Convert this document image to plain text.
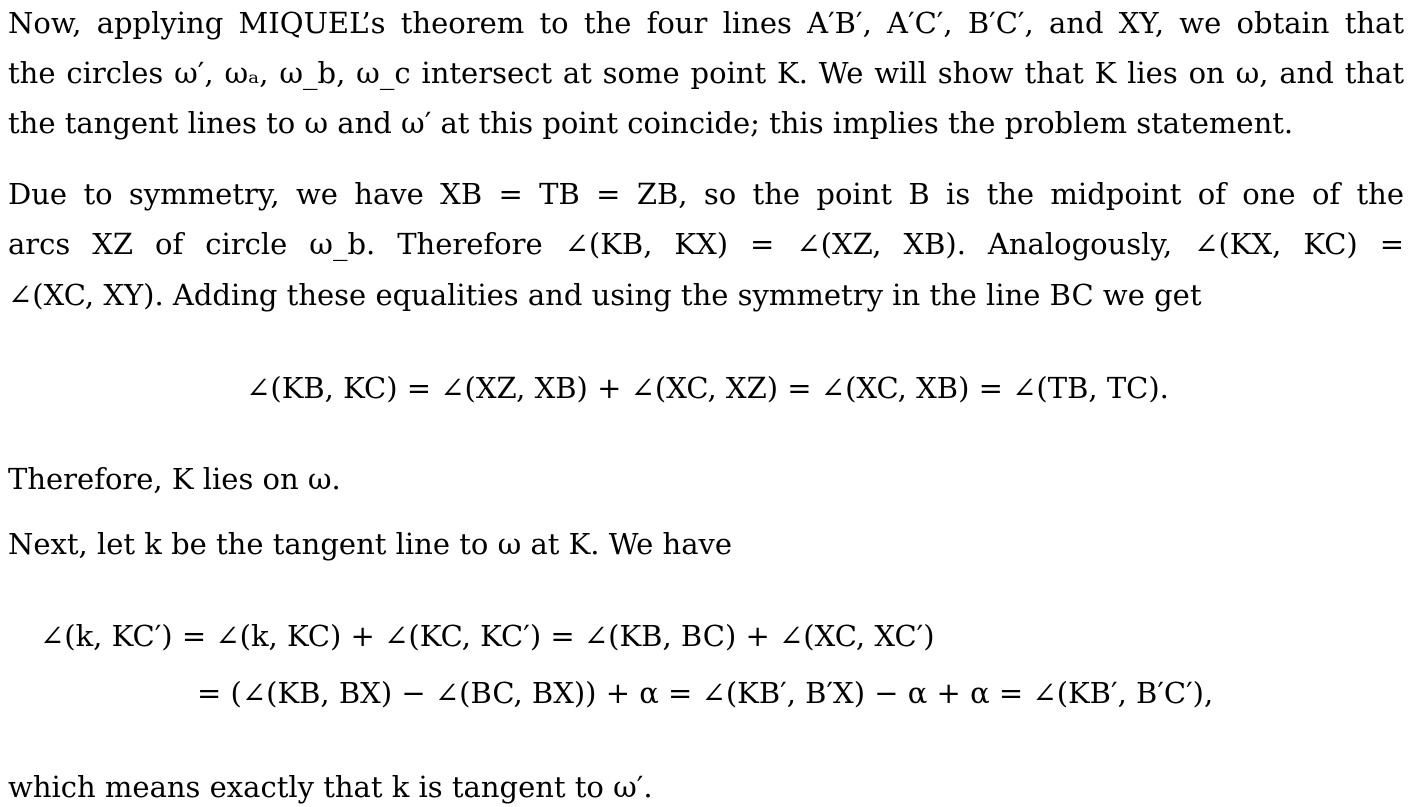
Now, applying MIQUEL’s theorem to the four lines A′B′, A′C′, B′C′, and XY, we obtain that
the circles ω′, ωₐ, ω_b, ω_c intersect at some point K. We will show that K lies on ω, and that
the tangent lines to ω and ω′ at this point coincide; this implies the problem statement.
Due to symmetry, we have XB = TB = ZB, so the point B is the midpoint of one of the
arcs XZ of circle ω_b. Therefore ∠(KB, KX) = ∠(XZ, XB). Analogously, ∠(KX, KC) =
∠(XC, XY). Adding these equalities and using the symmetry in the line BC we get
∠(KB, KC) = ∠(XZ, XB) + ∠(XC, XZ) = ∠(XC, XB) = ∠(TB, TC).
Therefore, K lies on ω.
Next, let k be the tangent line to ω at K. We have
∠(k, KC′) = ∠(k, KC) + ∠(KC, KC′) = ∠(KB, BC) + ∠(XC, XC′)
= (∠(KB, BX) − ∠(BC, BX)) + α = ∠(KB′, B′X) − α + α = ∠(KB′, B′C′),
which means exactly that k is tangent to ω′.
